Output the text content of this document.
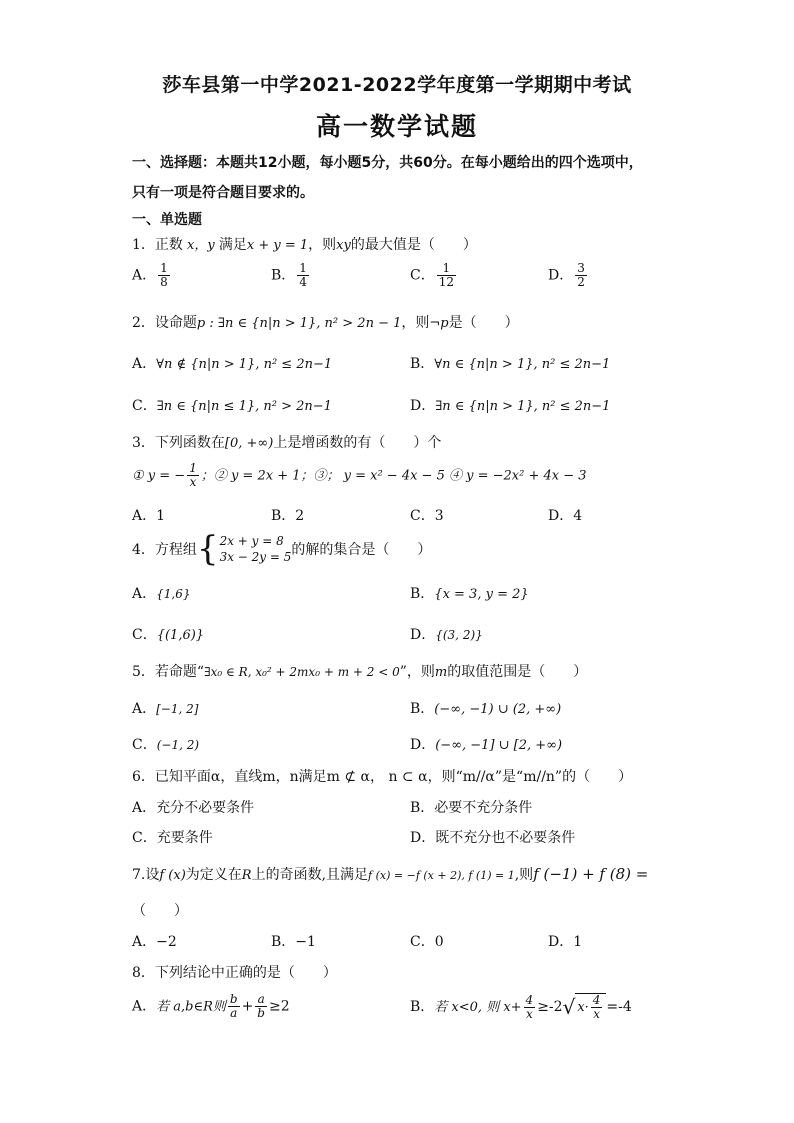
莎车县第一中学2021-2022学年度第一学期期中考试
高一数学试题
一、选择题：本题共12小题，每小题5分，共60分。在每小题给出的四个选项中，
只有一项是符合题目要求的。
一、单选题
1．正数 x，y 满足x + y = 1，则xy的最大值是（　　）
A． $\frac{1}{8}$	B． $\frac{1}{4}$	C． $\frac{1}{12}$	D． $\frac{3}{2}$
2．设命题p : ∃n ∈ {n|n > 1}, n² > 2n − 1，则¬p是（　　）
A．∀n ∉ {n|n > 1}, n² ≤ 2n−1	B．∀n ∈ {n|n > 1}, n² ≤ 2n−1
C．∃n ∈ {n|n ≤ 1}, n² > 2n−1	D．∃n ∈ {n|n > 1}, n² ≤ 2n−1
3．下列函数在[0, +∞)上是增函数的有（　　）个
① y = − $\frac{1}{x}$ ；② y = 2x + 1；③； y = x² − 4x − 5 ④ y = −2x² + 4x − 3
A．1	B．2	C．3	D．4
4．方程组 { 2x + y = 8
3x − 2y = 5 的解的集合是（　　）
A．{1,6}	B．{x = 3, y = 2}
C．{(1,6)}	D．{(3, 2)}
5．若命题“∃x₀ ∈ R, x₀² + 2mx₀ + m + 2 < 0”，则m的取值范围是（　　）
A．[−1, 2]	B．(−∞, −1) ∪ (2, +∞)
C．(−1, 2)	D．(−∞, −1] ∪ [2, +∞)
6．已知平面α，直线m，n满足m ⊄ α， n ⊂ α，则“m//α”是“m//n”的（　　）
A．充分不必要条件	B．必要不充分条件
C．充要条件	D．既不充分也不必要条件
7.设f (x)为定义在R上的奇函数,且满足f (x) = −f (x + 2), f (1) = 1,则f (−1) + f (8) =
（　　）
A．−2	B．−1	C．0	D．1
8．下列结论中正确的是（　　）
A．若 a,b∈R则 $\frac{b}{a} + \frac{a}{b} \ge 2$	B．若 x<0, 则 $x+ \frac{4}{x} \ge-2√$ $x\cdot \frac{4}{x} =-4$
